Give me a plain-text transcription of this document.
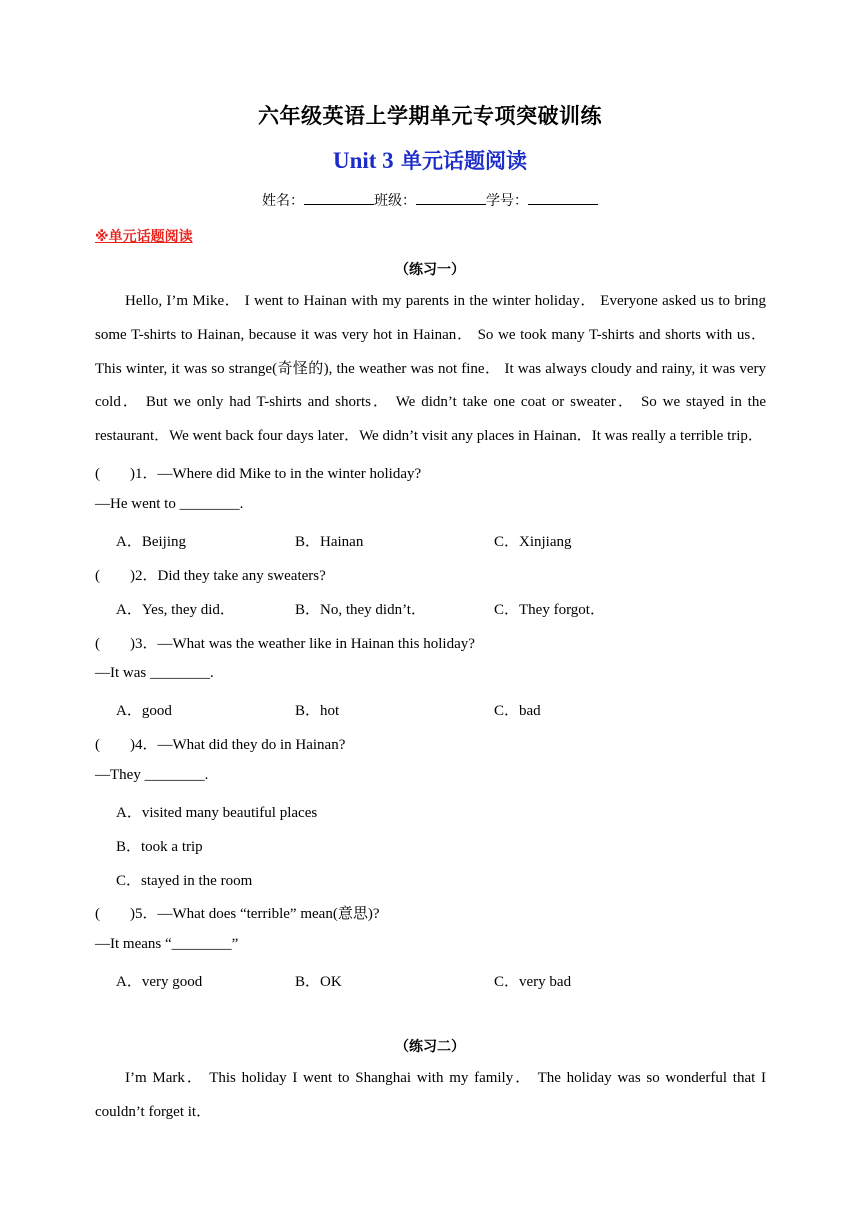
六年级英语上学期单元专项突破训练
Unit 3 单元话题阅读
姓名：	班级：	学号：
※单元话题阅读
（练习一）
Hello, I’m Mike． I went to Hainan with my parents in the winter holiday． Everyone asked us to bring some T-shirts to Hainan, because it was very hot in Hainan． So we took many T-shirts and shorts with us． This winter, it was so strange(奇怪的), the weather was not fine． It was always cloudy and rainy, it was very cold． But we only had T-shirts and shorts． We didn’t take one coat or sweater． So we stayed in the restaurant．We went back four days later．We didn’t visit any places in Hainan．It was really a terrible trip．
(　　)1．—Where did Mike to in the winter holiday?
—He went to ________.
A．Beijing	B．Hainan	C．Xinjiang
(　　)2．Did they take any sweaters?
A．Yes, they did．	B．No, they didn’t．	C．They forgot．
(　　)3．—What was the weather like in Hainan this holiday?
—It was ________.
A．good	B．hot	C．bad
(　　)4．—What did they do in Hainan?
—They ________.
A．visited many beautiful places
B．took a trip
C．stayed in the room
(　　)5．—What does “terrible” mean(意思)?
—It means “________”
A．very good	B．OK	C．very bad
（练习二）
I’m Mark． This holiday I went to Shanghai with my family． The holiday was so wonderful that I couldn’t forget it．
